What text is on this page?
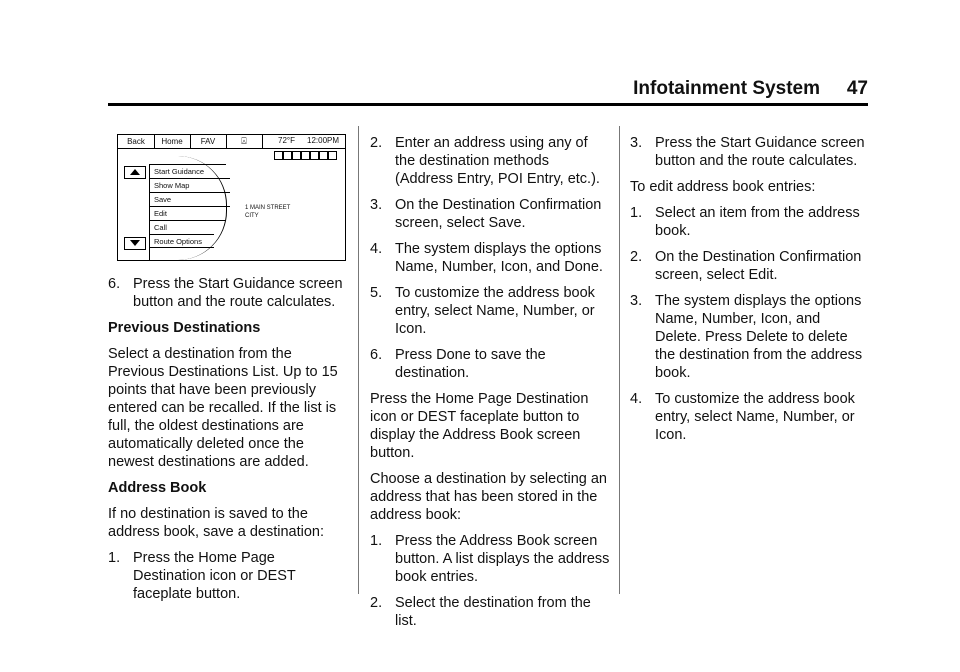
Infotainment System 47
Back	Home	FAV	⍓	72°F 12:00PM
Start Guidance
Show Map
Save
Edit
Call
Route Options
1 MAIN STREET
CITY
6. Press the Start Guidance screen button and the route calculates.
Previous Destinations
Select a destination from the Previous Destinations List. Up to 15 points that have been previously entered can be recalled. If the list is full, the oldest destinations are automatically deleted once the newest destinations are added.
Address Book
If no destination is saved to the address book, save a destination:
1. Press the Home Page Destination icon or DEST faceplate button.
2. Enter an address using any of the destination methods (Address Entry, POI Entry, etc.).
3. On the Destination Confirmation screen, select Save.
4. The system displays the options Name, Number, Icon, and Done.
5. To customize the address book entry, select Name, Number, or Icon.
6. Press Done to save the destination.
Press the Home Page Destination icon or DEST faceplate button to display the Address Book screen button.
Choose a destination by selecting an address that has been stored in the address book:
1. Press the Address Book screen button. A list displays the address book entries.
2. Select the destination from the list.
3. Press the Start Guidance screen button and the route calculates.
To edit address book entries:
1. Select an item from the address book.
2. On the Destination Confirmation screen, select Edit.
3. The system displays the options Name, Number, Icon, and Delete. Press Delete to delete the destination from the address book.
4. To customize the address book entry, select Name, Number, or Icon.
